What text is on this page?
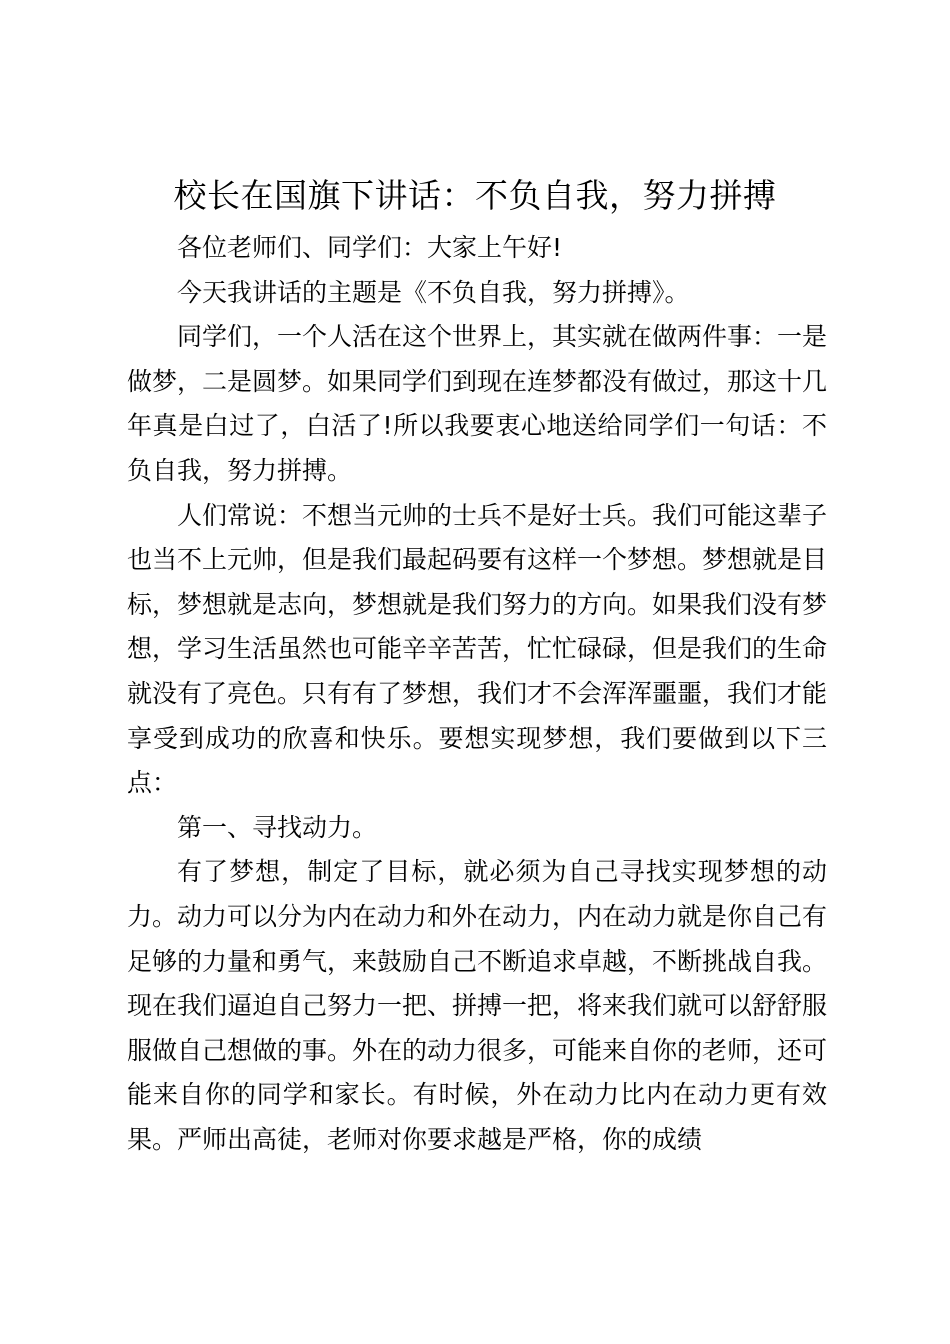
校长在国旗下讲话：不负自我，努力拼搏

各位老师们、同学们：大家上午好!

今天我讲话的主题是《不负自我，努力拼搏》。

同学们，一个人活在这个世界上，其实就在做两件事：一是做梦，二是圆梦。如果同学们到现在连梦都没有做过，那这十几年真是白过了，白活了!所以我要衷心地送给同学们一句话：不负自我，努力拼搏。

人们常说：不想当元帅的士兵不是好士兵。我们可能这辈子也当不上元帅，但是我们最起码要有这样一个梦想。梦想就是目标，梦想就是志向，梦想就是我们努力的方向。如果我们没有梦想，学习生活虽然也可能辛辛苦苦，忙忙碌碌，但是我们的生命就没有了亮色。只有有了梦想，我们才不会浑浑噩噩，我们才能享受到成功的欣喜和快乐。要想实现梦想，我们要做到以下三点：

第一、寻找动力。

有了梦想，制定了目标，就必须为自己寻找实现梦想的动力。动力可以分为内在动力和外在动力，内在动力就是你自己有足够的力量和勇气，来鼓励自己不断追求卓越，不断挑战自我。现在我们逼迫自己努力一把、拼搏一把，将来我们就可以舒舒服服做自己想做的事。外在的动力很多，可能来自你的老师，还可能来自你的同学和家长。有时候，外在动力比内在动力更有效果。严师出高徒，老师对你要求越是严格，你的成绩
